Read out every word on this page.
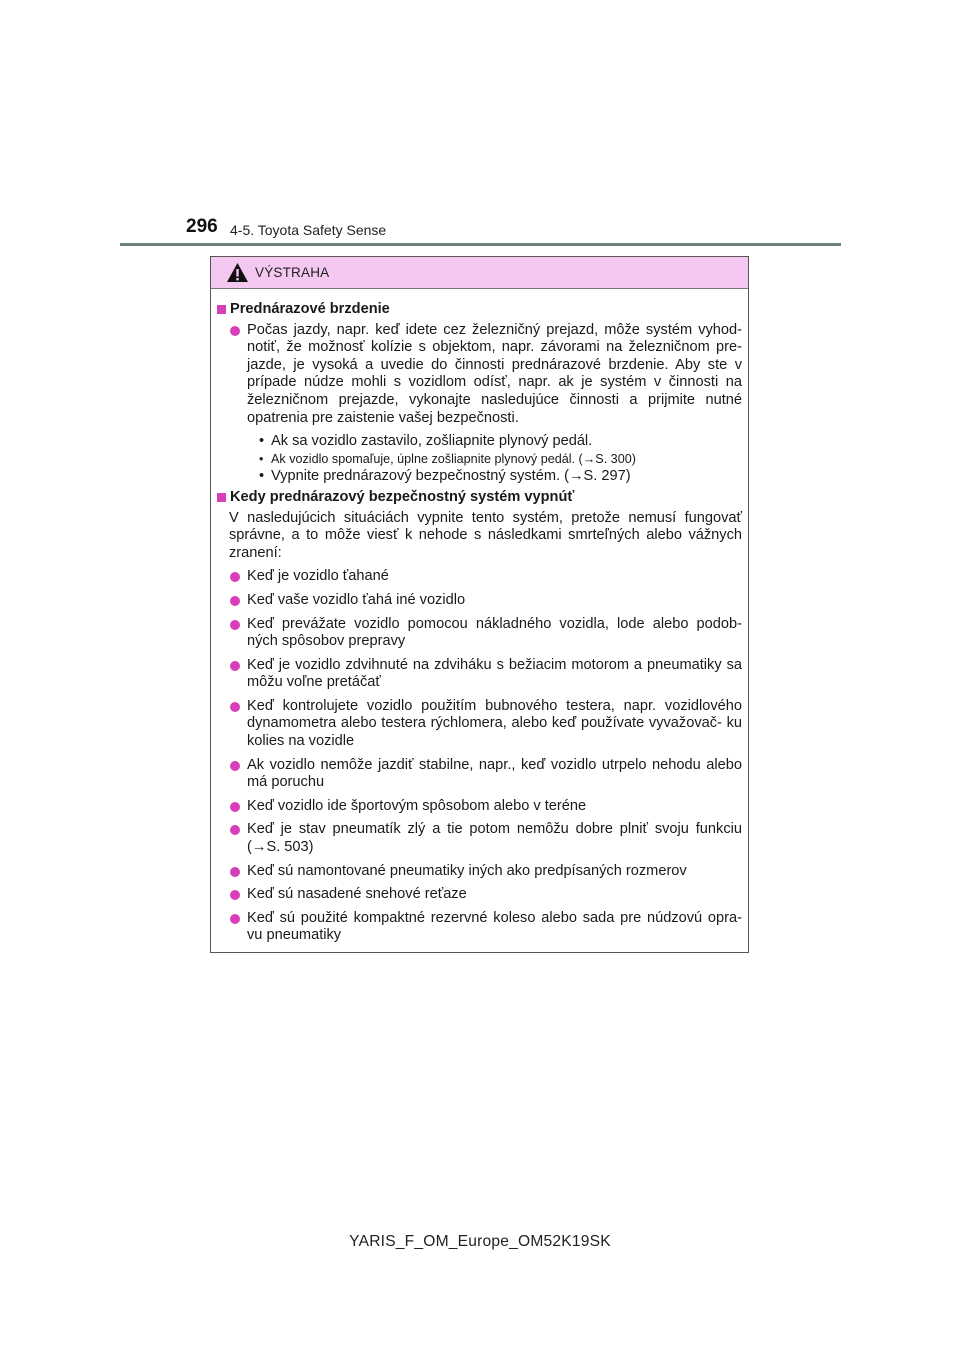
296 4-5. Toyota Safety Sense
VÝSTRAHA
Prednárazové brzdenie
Počas jazdy, napr. keď idete cez železničný prejazd, môže systém vyhod- notiť, že možnosť kolízie s objektom, napr. závorami na železničnom pre- jazde, je vysoká a uvedie do činnosti prednárazové brzdenie. Aby ste v prípade núdze mohli s vozidlom odísť, napr. ak je systém v činnosti na železničnom prejazde, vykonajte nasledujúce činnosti a prijmite nutné opatrenia pre zaistenie vašej bezpečnosti.
• Ak sa vozidlo zastavilo, zošliapnite plynový pedál.
• Ak vozidlo spomaľuje, úplne zošliapnite plynový pedál. (→S. 300)
• Vypnite prednárazový bezpečnostný systém. (→S. 297)
Kedy prednárazový bezpečnostný systém vypnúť
V nasledujúcich situáciách vypnite tento systém, pretože nemusí fungovať správne, a to môže viesť k nehode s následkami smrteľných alebo vážnych zranení:
Keď je vozidlo ťahané
Keď vaše vozidlo ťahá iné vozidlo
Keď prevážate vozidlo pomocou nákladného vozidla, lode alebo podob- ných spôsobov prepravy
Keď je vozidlo zdvihnuté na zdviháku s bežiacim motorom a pneumatiky sa môžu voľne pretáčať
Keď kontrolujete vozidlo použitím bubnového testera, napr. vozidlového dynamometra alebo testera rýchlomera, alebo keď používate vyvažovač- ku kolies na vozidle
Ak vozidlo nemôže jazdiť stabilne, napr., keď vozidlo utrpelo nehodu alebo má poruchu
Keď vozidlo ide športovým spôsobom alebo v teréne
Keď je stav pneumatík zlý a tie potom nemôžu dobre plniť svoju funkciu (→S. 503)
Keď sú namontované pneumatiky iných ako predpísaných rozmerov
Keď sú nasadené snehové reťaze
Keď sú použité kompaktné rezervné koleso alebo sada pre núdzovú opra- vu pneumatiky
YARIS_F_OM_Europe_OM52K19SK
